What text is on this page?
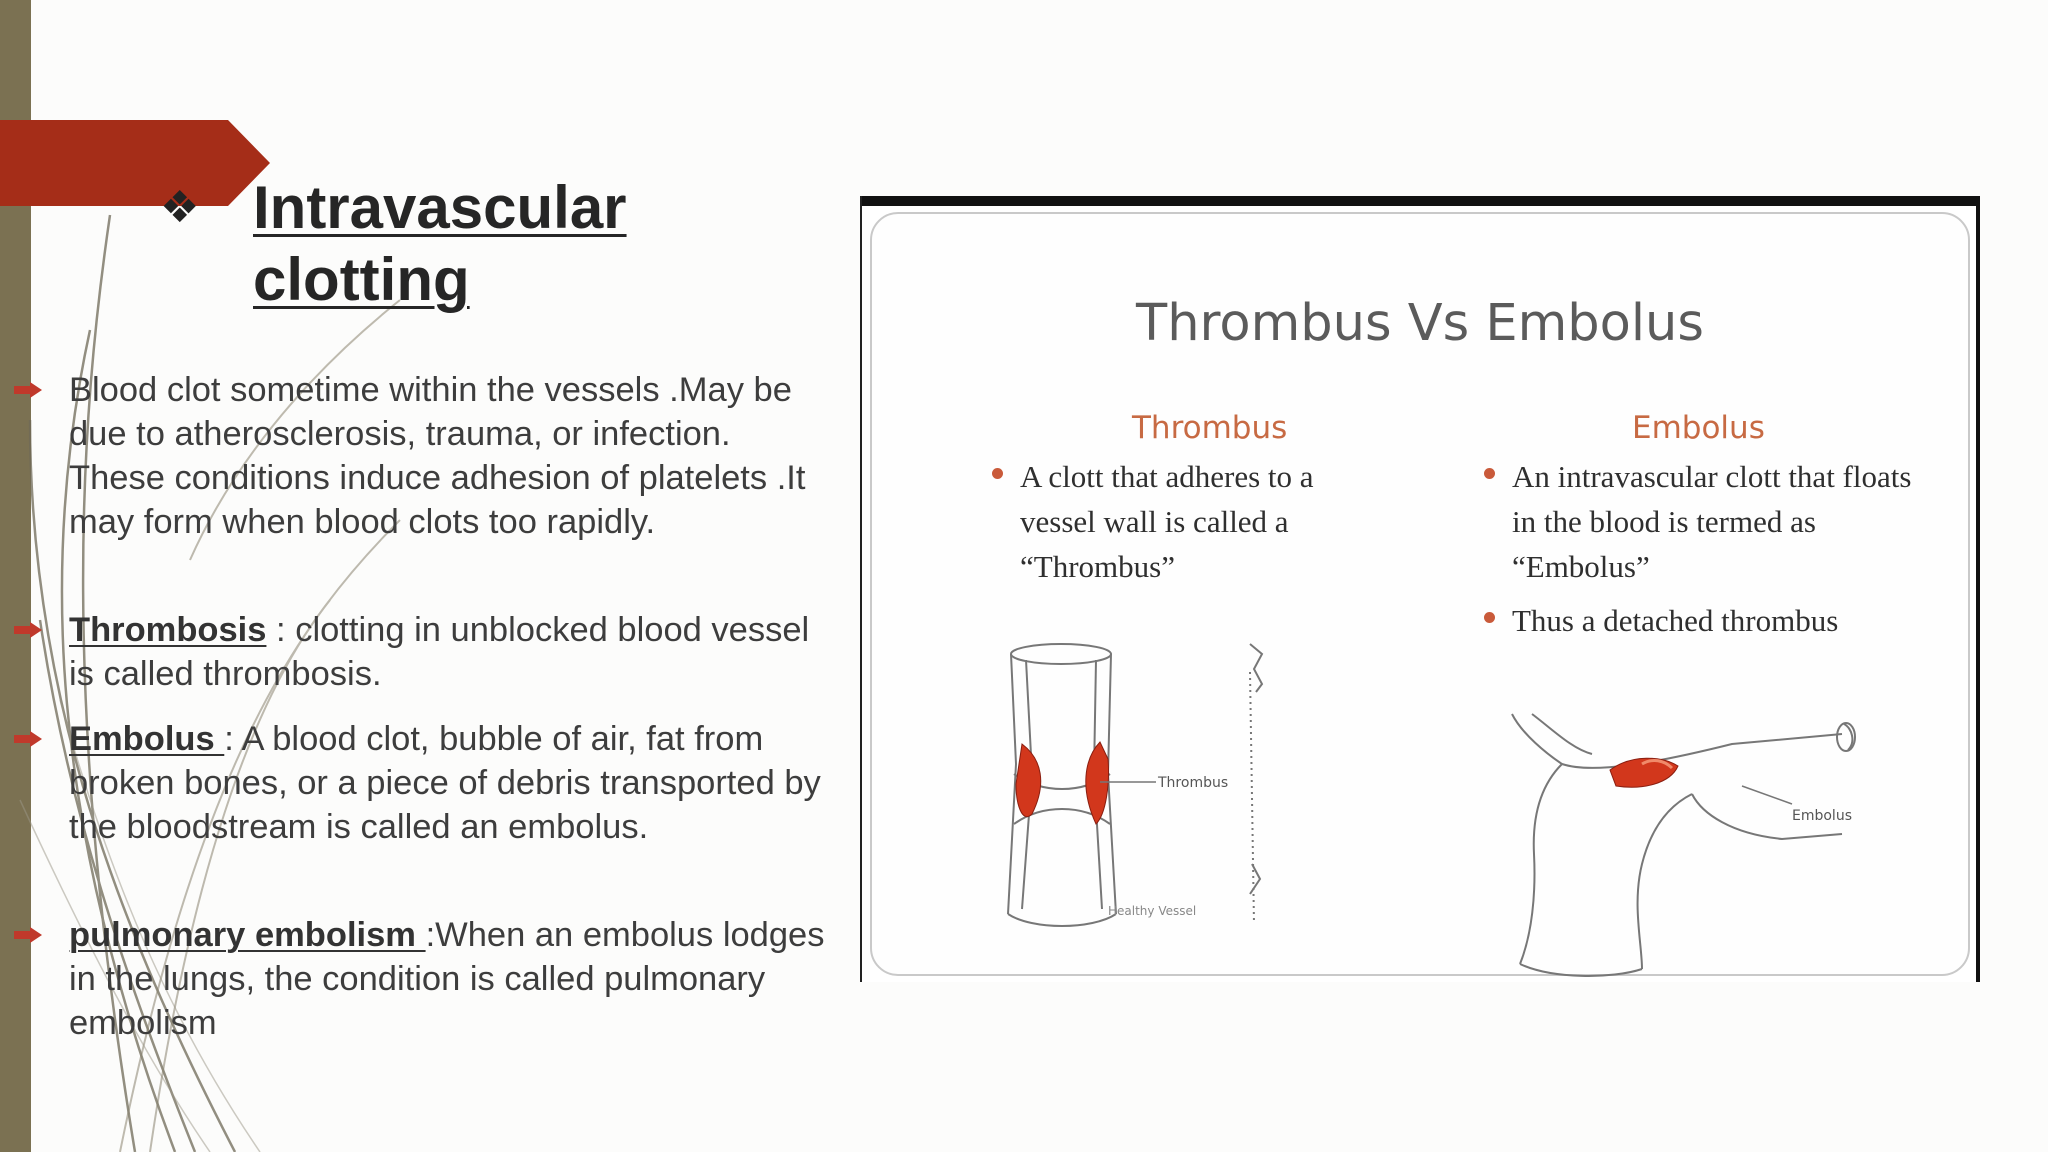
❖ Intravascular clotting
Blood clot sometime within the vessels .May be due to atherosclerosis, trauma, or infection. These conditions induce adhesion of platelets .It may form when blood clots too rapidly.
Thrombosis : clotting in unblocked blood vessel is called thrombosis.
Embolus : A blood clot, bubble of air, fat from broken bones, or a piece of debris transported by the bloodstream is called an embolus.
pulmonary embolism :When an embolus lodges in the lungs, the condition is called pulmonary embolism
Thrombus Vs Embolus
Thrombus	Embolus
A clott that adheres to a vessel wall is called a “Thrombus”
An intravascular clott that floats in the blood is termed as “Embolus”
Thus a detached thrombus
Thrombus
Healthy Vessel
Embolus
